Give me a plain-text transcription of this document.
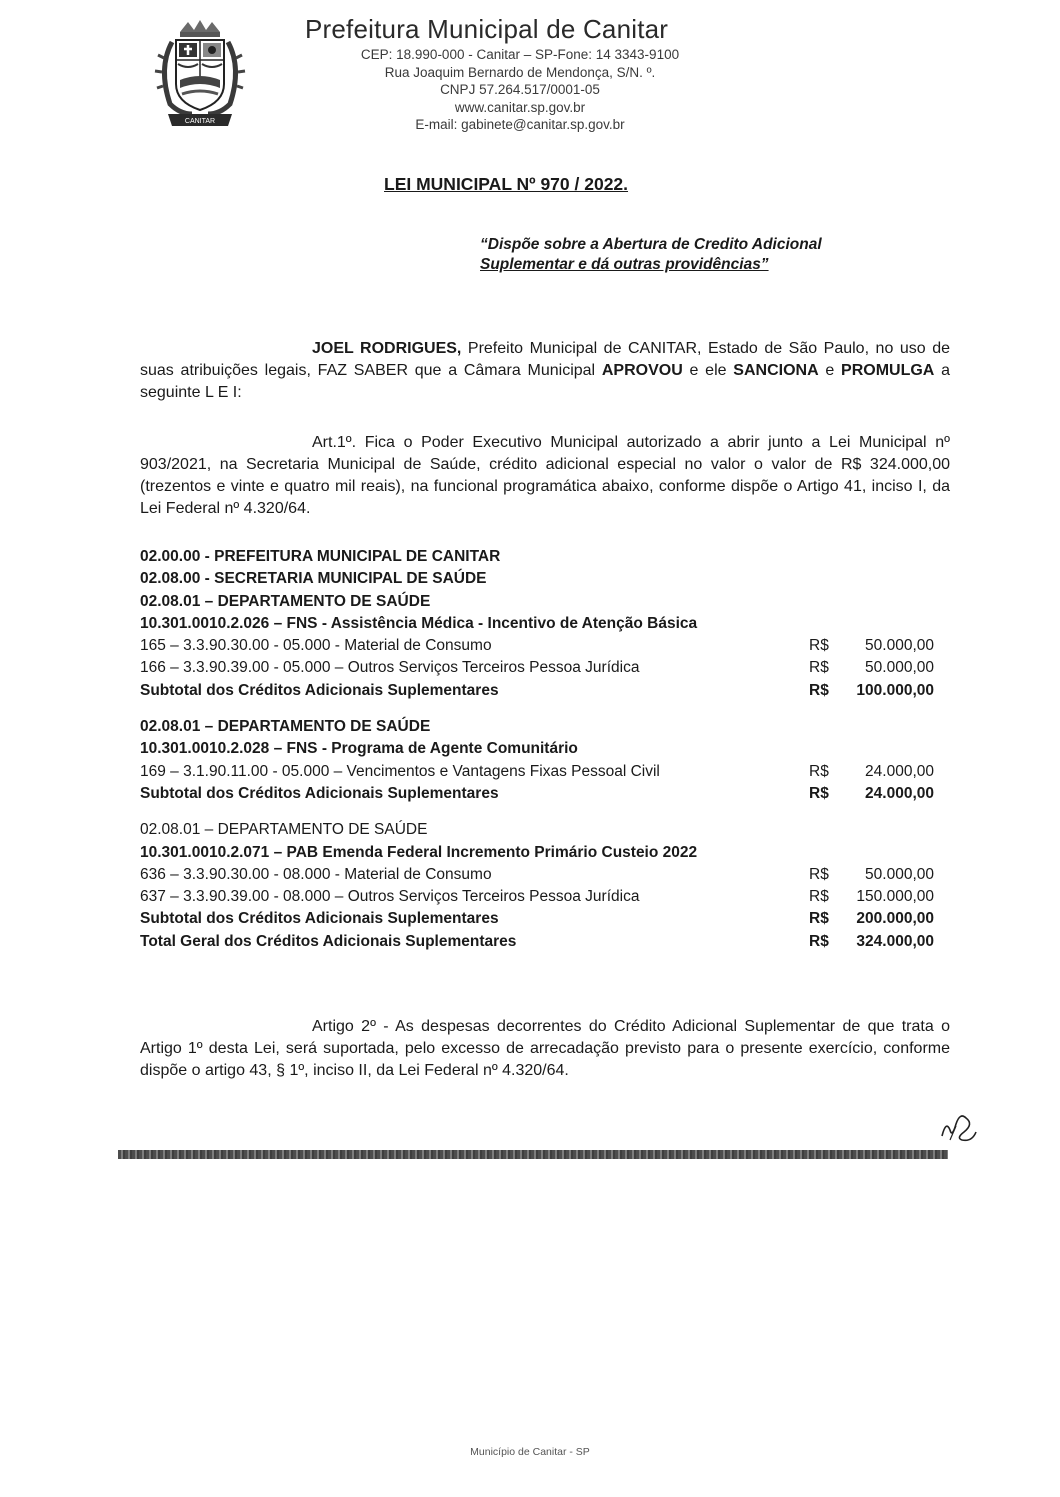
CANITAR
Prefeitura Municipal de Canitar
CEP: 18.990-000 - Canitar – SP-Fone: 14 3343-9100
Rua Joaquim Bernardo de Mendonça, S/N. º.
CNPJ 57.264.517/0001-05
www.canitar.sp.gov.br
E-mail: gabinete@canitar.sp.gov.br
LEI MUNICIPAL Nº 970 / 2022.
“Dispõe sobre a Abertura de Credito Adicional
Suplementar e dá outras providências”
JOEL RODRIGUES, Prefeito Municipal de CANITAR, Estado de São Paulo, no uso de suas atribuições legais, FAZ SABER que a Câmara Municipal APROVOU e ele SANCIONA e PROMULGA a seguinte L E I:
Art.1º. Fica o Poder Executivo Municipal autorizado a abrir junto a Lei Municipal nº 903/2021, na Secretaria Municipal de Saúde, crédito adicional especial no valor o valor de R$ 324.000,00 (trezentos e vinte e quatro mil reais), na funcional programática abaixo, conforme dispõe o Artigo 41, inciso I, da Lei Federal nº 4.320/64.
02.00.00 - PREFEITURA MUNICIPAL DE CANITAR
02.08.00 - SECRETARIA MUNICIPAL DE SAÚDE
02.08.01 – DEPARTAMENTO DE SAÚDE
10.301.0010.2.026 – FNS - Assistência Médica - Incentivo de Atenção Básica
165 – 3.3.90.30.00 - 05.000 - Material de Consumo	R$ 50.000,00
166 – 3.3.90.39.00 - 05.000 – Outros Serviços Terceiros Pessoa Jurídica	R$ 50.000,00
Subtotal dos Créditos Adicionais Suplementares	R$ 100.000,00
02.08.01 – DEPARTAMENTO DE SAÚDE
10.301.0010.2.028 – FNS - Programa de Agente Comunitário
169 – 3.1.90.11.00 - 05.000 – Vencimentos e Vantagens Fixas Pessoal Civil	R$ 24.000,00
Subtotal dos Créditos Adicionais Suplementares	R$ 24.000,00
02.08.01 – DEPARTAMENTO DE SAÚDE
10.301.0010.2.071 – PAB Emenda Federal Incremento Primário Custeio 2022
636 – 3.3.90.30.00 - 08.000 - Material de Consumo	R$ 50.000,00
637 – 3.3.90.39.00 - 08.000 – Outros Serviços Terceiros Pessoa Jurídica	R$ 150.000,00
Subtotal dos Créditos Adicionais Suplementares	R$ 200.000,00
Total Geral dos Créditos Adicionais Suplementares	R$ 324.000,00
Artigo 2º - As despesas decorrentes do Crédito Adicional Suplementar de que trata o Artigo 1º desta Lei, será suportada, pelo excesso de arrecadação previsto para o presente exercício, conforme dispõe o artigo 43, § 1º, inciso II, da Lei Federal nº 4.320/64.
Município de Canitar - SP
